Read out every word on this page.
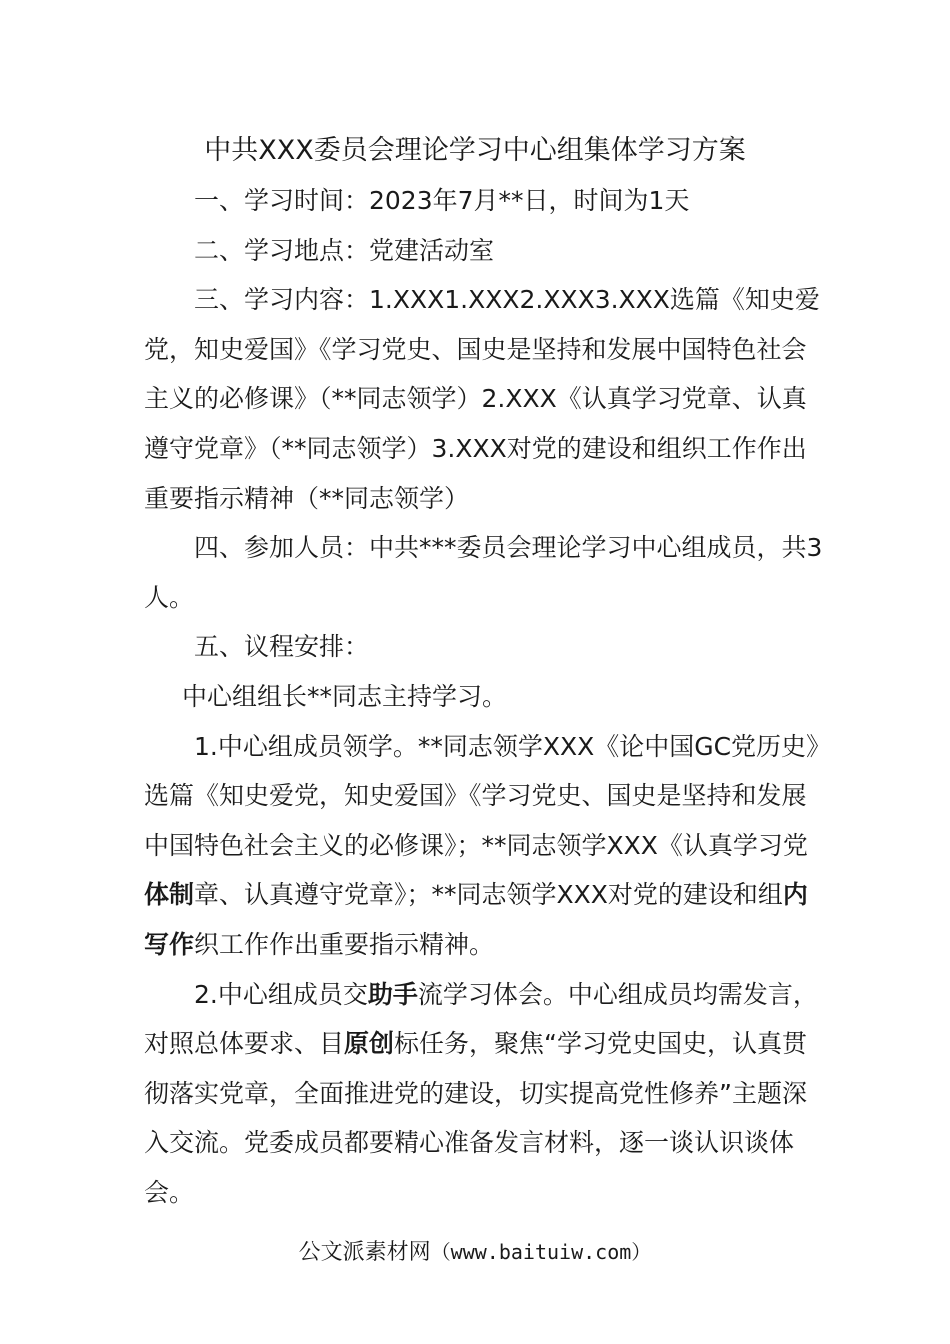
中共XXX委员会理论学习中心组集体学习方案

一、学习时间：2023年7月**日，时间为1天

二、学习地点：党建活动室

三、学习内容：1.XXX1.XXX2.XXX3.XXX选篇《知史爱党，知史爱国》《学习党史、国史是坚持和发展中国特色社会主义的必修课》（**同志领学）2.XXX《认真学习党章、认真遵守党章》（**同志领学）3.XXX对党的建设和组织工作作出重要指示精神（**同志领学）

四、参加人员：中共***委员会理论学习中心组成员，共3人。

五、议程安排：

中心组组长**同志主持学习。

1.中心组成员领学。**同志领学XXX《论中国GC党历史》选篇《知史爱党，知史爱国》《学习党史、国史是坚持和发展中国特色社会主义的必修课》；**同志领学XXX《认真学习党体制章、认真遵守党章》；**同志领学XXX对党的建设和组内写作织工作作出重要指示精神。

2.中心组成员交助手流学习体会。中心组成员均需发言，对照总体要求、目原创标任务，聚焦“学习党史国史，认真贯彻落实党章，全面推进党的建设，切实提高党性修养”主题深入交流。党委成员都要精心准备发言材料，逐一谈认识谈体会。

公文派素材网（www.baituiw.com）
